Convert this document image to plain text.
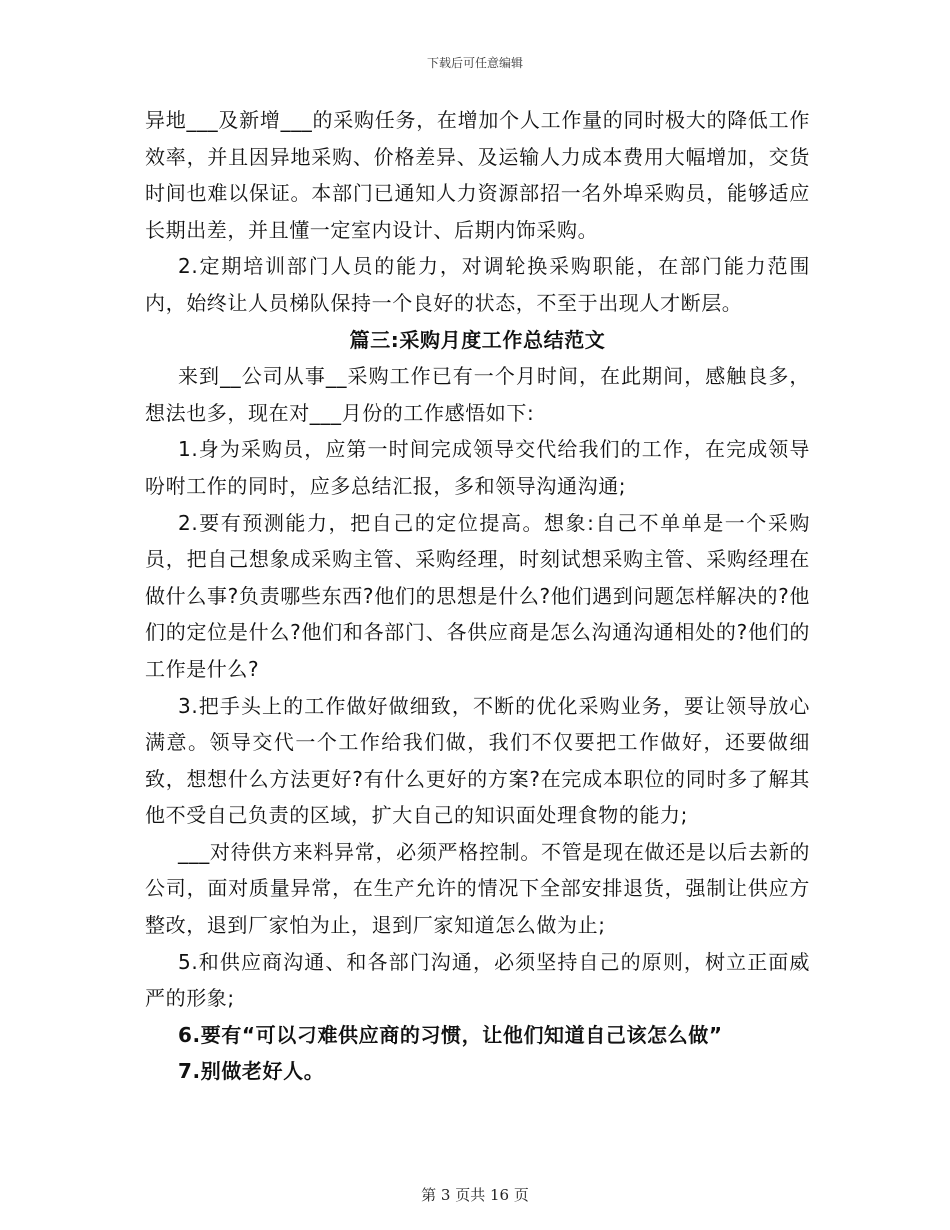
下载后可任意编辑

异地___及新增___的采购任务，在增加个人工作量的同时极大的降低工作效率，并且因异地采购、价格差异、及运输人力成本费用大幅增加，交货时间也难以保证。本部门已通知人力资源部招一名外埠采购员，能够适应长期出差，并且懂一定室内设计、后期内饰采购。

2.定期培训部门人员的能力，对调轮换采购职能，在部门能力范围内，始终让人员梯队保持一个良好的状态，不至于出现人才断层。

篇三:采购月度工作总结范文

来到__公司从事__采购工作已有一个月时间，在此期间，感触良多，想法也多，现在对___月份的工作感悟如下:

1.身为采购员，应第一时间完成领导交代给我们的工作，在完成领导吩咐工作的同时，应多总结汇报，多和领导沟通沟通;

2.要有预测能力，把自己的定位提高。想象:自己不单单是一个采购员，把自己想象成采购主管、采购经理，时刻试想采购主管、采购经理在做什么事?负责哪些东西?他们的思想是什么?他们遇到问题怎样解决的?他们的定位是什么?他们和各部门、各供应商是怎么沟通沟通相处的?他们的工作是什么?

3.把手头上的工作做好做细致，不断的优化采购业务，要让领导放心满意。领导交代一个工作给我们做，我们不仅要把工作做好，还要做细致，想想什么方法更好?有什么更好的方案?在完成本职位的同时多了解其他不受自己负责的区域，扩大自己的知识面处理食物的能力;

___对待供方来料异常，必须严格控制。不管是现在做还是以后去新的公司，面对质量异常，在生产允许的情况下全部安排退货，强制让供应方整改，退到厂家怕为止，退到厂家知道怎么做为止;

5.和供应商沟通、和各部门沟通，必须坚持自己的原则，树立正面威严的形象;

6.要有“可以刁难供应商的习惯，让他们知道自己该怎么做”

7.别做老好人。

第 3 页共 16 页
